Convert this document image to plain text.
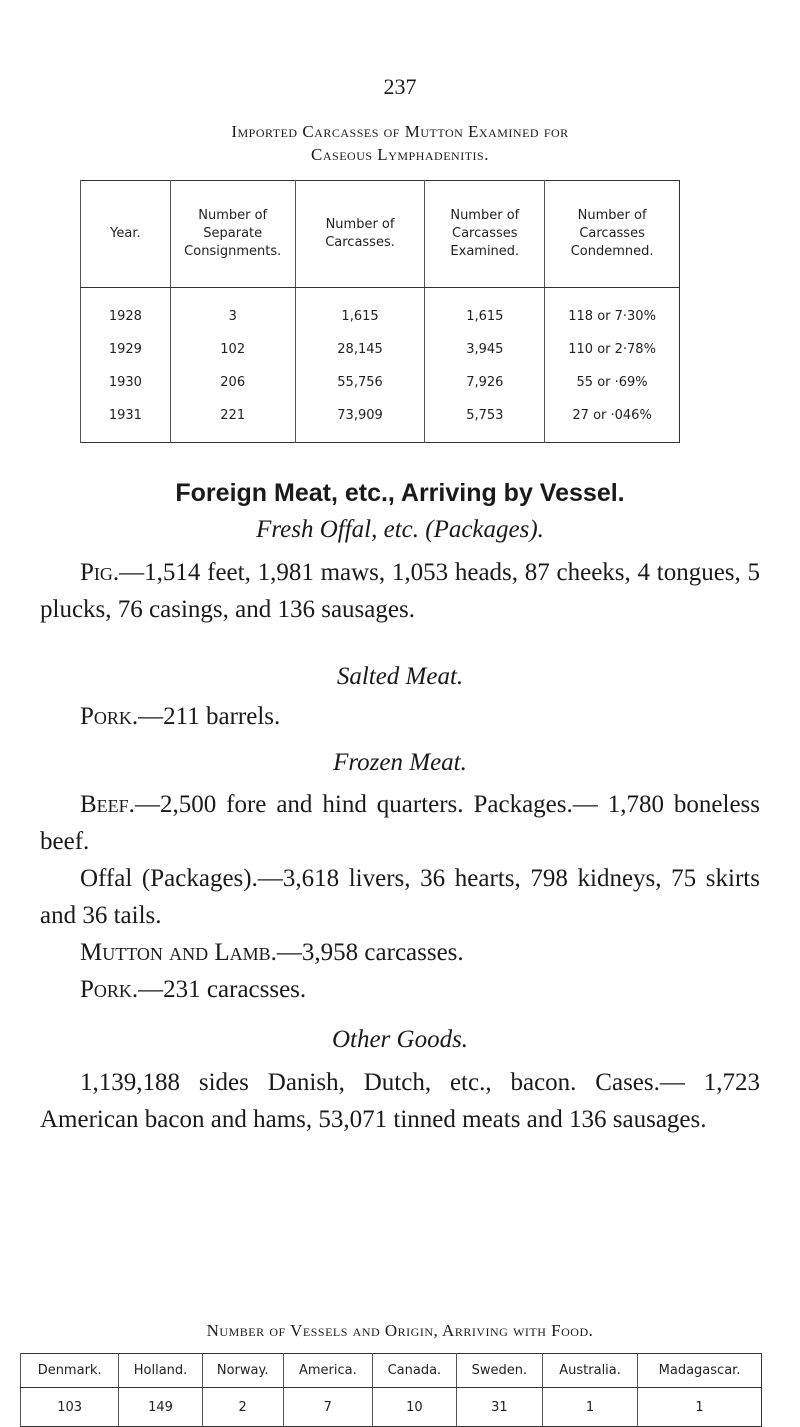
237
Imported Carcasses of Mutton Examined for
Caseous Lymphadenitis.
Year.	Number of Separate Consignments.	Number of Carcasses.	Number of Carcasses Examined.	Number of Carcasses Condemned.
1928	3	1,615	1,615	118 or 7·30%
1929	102	28,145	3,945	110 or 2·78%
1930	206	55,756	7,926	55 or ·69%
1931	221	73,909	5,753	27 or ·046%
Foreign Meat, etc., Arriving by Vessel.
Fresh Offal, etc. (Packages).
Pig.—1,514 feet, 1,981 maws, 1,053 heads, 87 cheeks, 4 tongues, 5 plucks, 76 casings, and 136 sausages.
Salted Meat.
Pork.—211 barrels.
Frozen Meat.
Beef.—2,500 fore and hind quarters. Packages.— 1,780 boneless beef.
Offal (Packages).—3,618 livers, 36 hearts, 798 kidneys, 75 skirts and 36 tails.
Mutton and Lamb.—3,958 carcasses.
Pork.—231 caracsses.
Other Goods.
1,139,188 sides Danish, Dutch, etc., bacon. Cases.— 1,723 American bacon and hams, 53,071 tinned meats and 136 sausages.
Number of Vessels and Origin, Arriving with Food.
Denmark.	Holland.	Norway.	America.	Canada.	Sweden.	Australia.	Madagascar.
103	149	2	7	10	31	1	1
